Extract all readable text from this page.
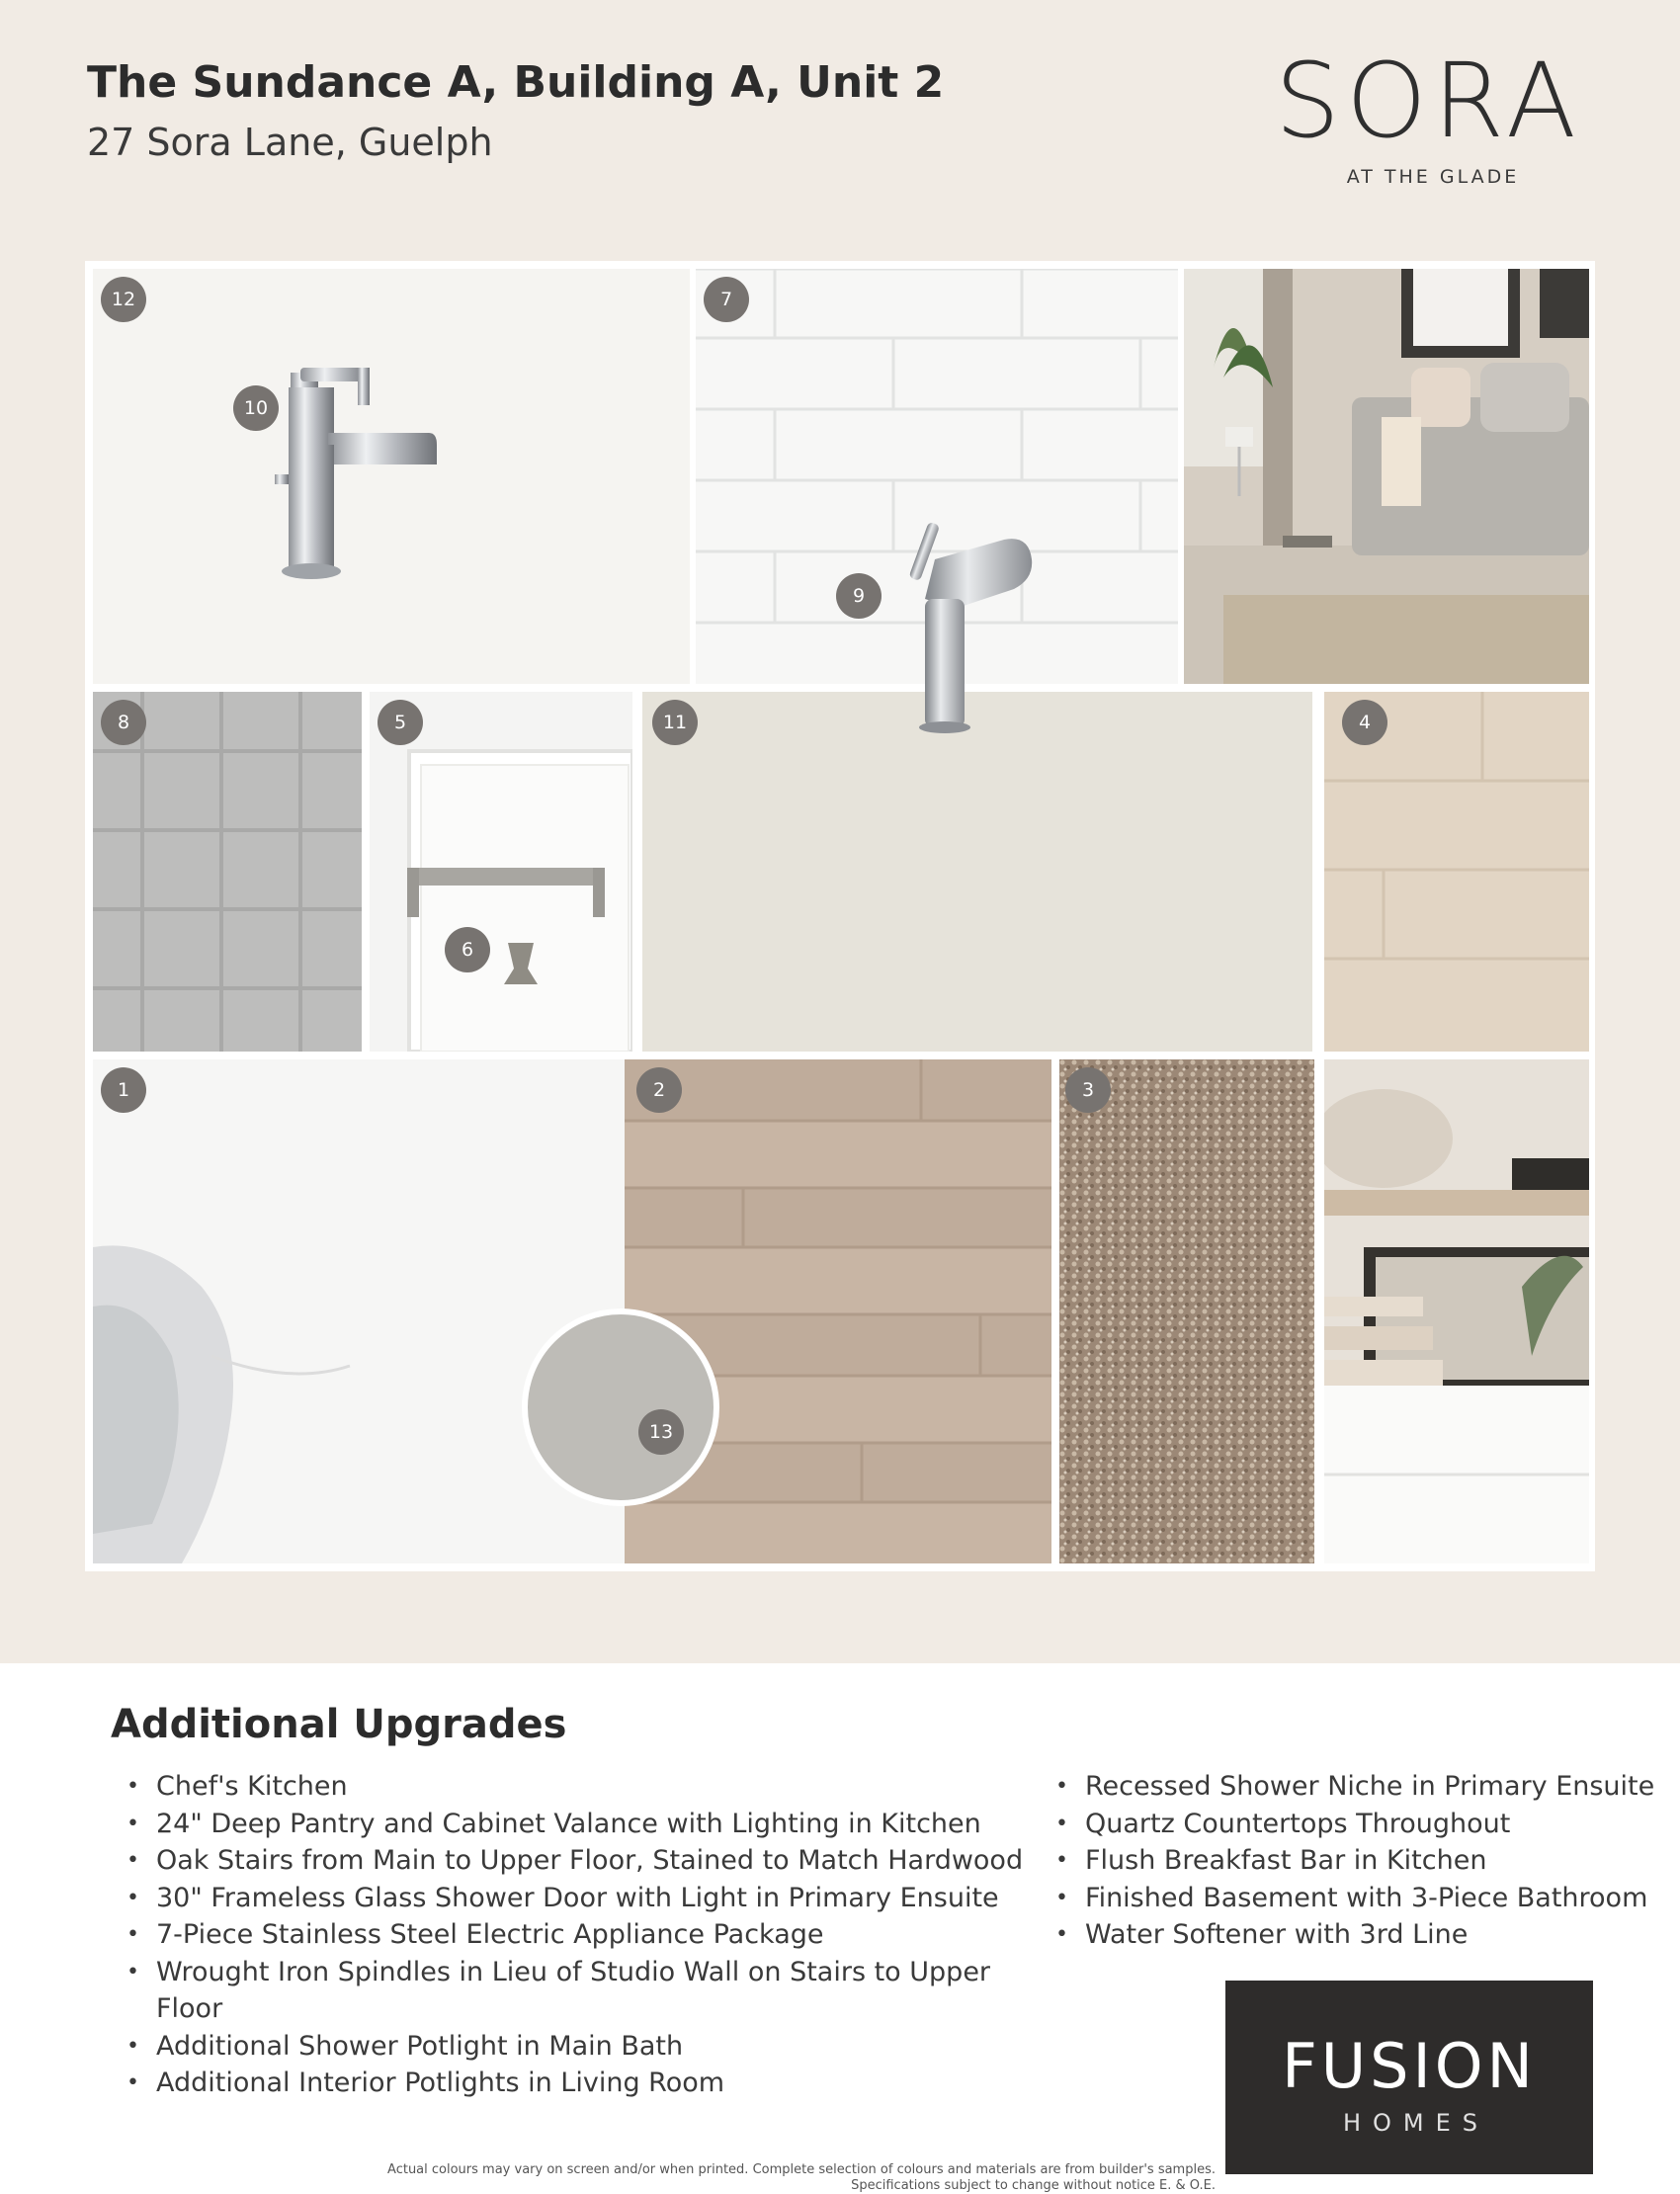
The Sundance A, Building A, Unit 2
27 Sora Lane, Guelph	SORA
AT THE GLADE
12
10
7
8	5
6
11	4
9
1	2	3
13
Additional Upgrades
• Chef's Kitchen
• 24" Deep Pantry and Cabinet Valance with Lighting in Kitchen
• Oak Stairs from Main to Upper Floor, Stained to Match Hardwood
• 30" Frameless Glass Shower Door with Light in Primary Ensuite
• 7-Piece Stainless Steel Electric Appliance Package
• Wrought Iron Spindles in Lieu of Studio Wall on Stairs to Upper Floor
• Additional Shower Potlight in Main Bath
• Additional Interior Potlights in Living Room
• Recessed Shower Niche in Primary Ensuite
• Quartz Countertops Throughout
• Flush Breakfast Bar in Kitchen
• Finished Basement with 3-Piece Bathroom
• Water Softener with 3rd Line
Actual colours may vary on screen and/or when printed. Complete selection of colours and materials are from builder's samples.
Specifications subject to change without notice E. & O.E.
FUSION
HOMES
